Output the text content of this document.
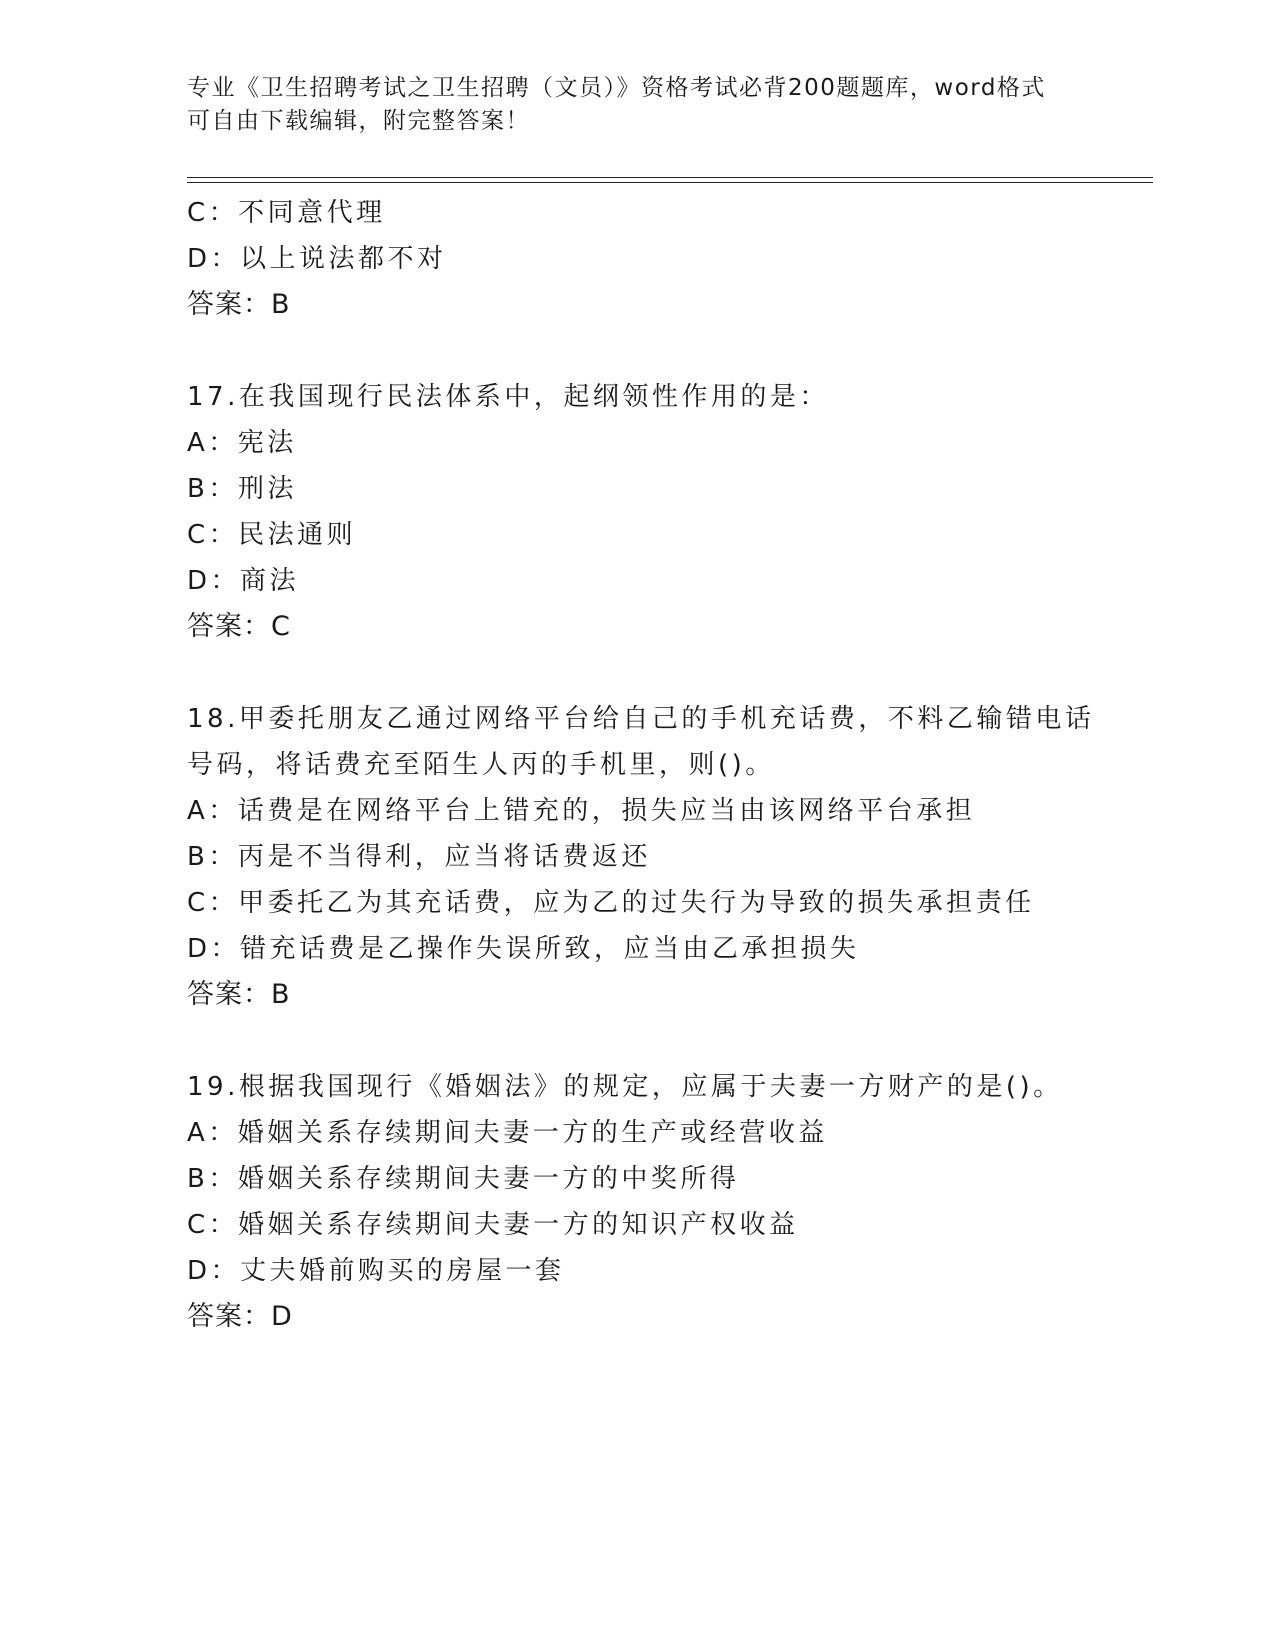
专业《卫生招聘考试之卫生招聘（文员）》资格考试必背200题题库，word格式
可自由下载编辑，附完整答案！
C：不同意代理
D：以上说法都不对
答案：B
17.在我国现行民法体系中，起纲领性作用的是：
A：宪法
B：刑法
C：民法通则
D：商法
答案：C
18.甲委托朋友乙通过网络平台给自己的手机充话费，不料乙输错电话
号码，将话费充至陌生人丙的手机里，则()。
A：话费是在网络平台上错充的，损失应当由该网络平台承担
B：丙是不当得利，应当将话费返还
C：甲委托乙为其充话费，应为乙的过失行为导致的损失承担责任
D：错充话费是乙操作失误所致，应当由乙承担损失
答案：B
19.根据我国现行《婚姻法》的规定，应属于夫妻一方财产的是()。
A：婚姻关系存续期间夫妻一方的生产或经营收益
B：婚姻关系存续期间夫妻一方的中奖所得
C：婚姻关系存续期间夫妻一方的知识产权收益
D：丈夫婚前购买的房屋一套
答案：D
